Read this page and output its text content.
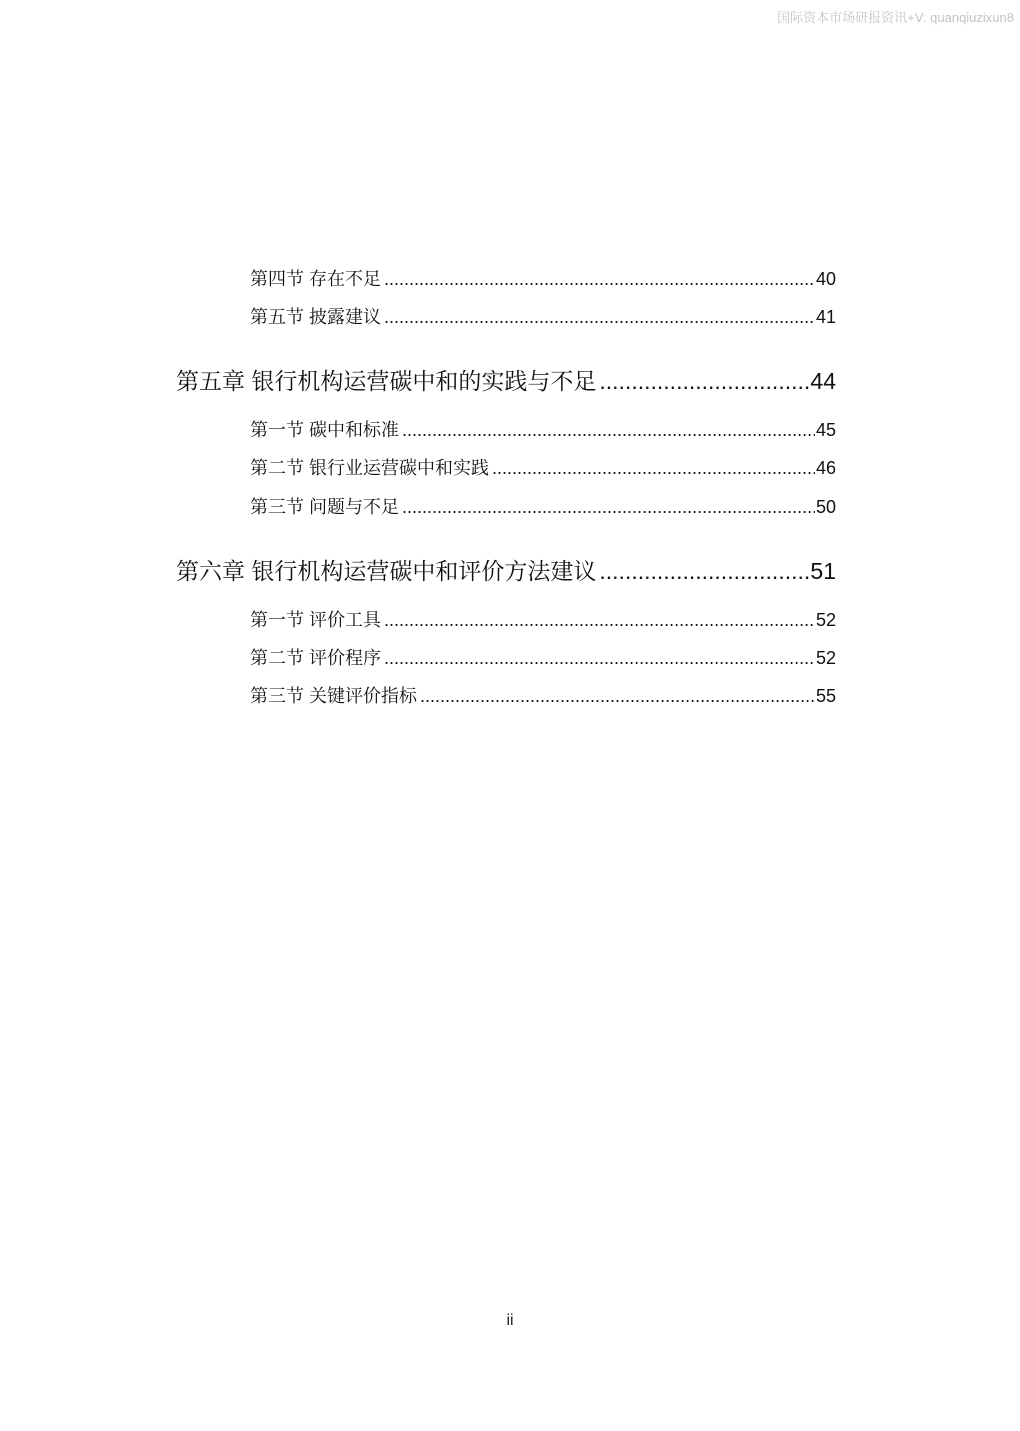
国际资本市场研报资讯+V: quanqiuzixun8
第四节 存在不足 .....	40
第五节 披露建议 .....	41
第五章 银行机构运营碳中和的实践与不足 .....	44
第一节 碳中和标准 .....	45
第二节 银行业运营碳中和实践 .....	46
第三节 问题与不足 .....	50
第六章 银行机构运营碳中和评价方法建议 .....	51
第一节 评价工具 .....	52
第二节 评价程序 .....	52
第三节 关键评价指标 .....	55
ii
